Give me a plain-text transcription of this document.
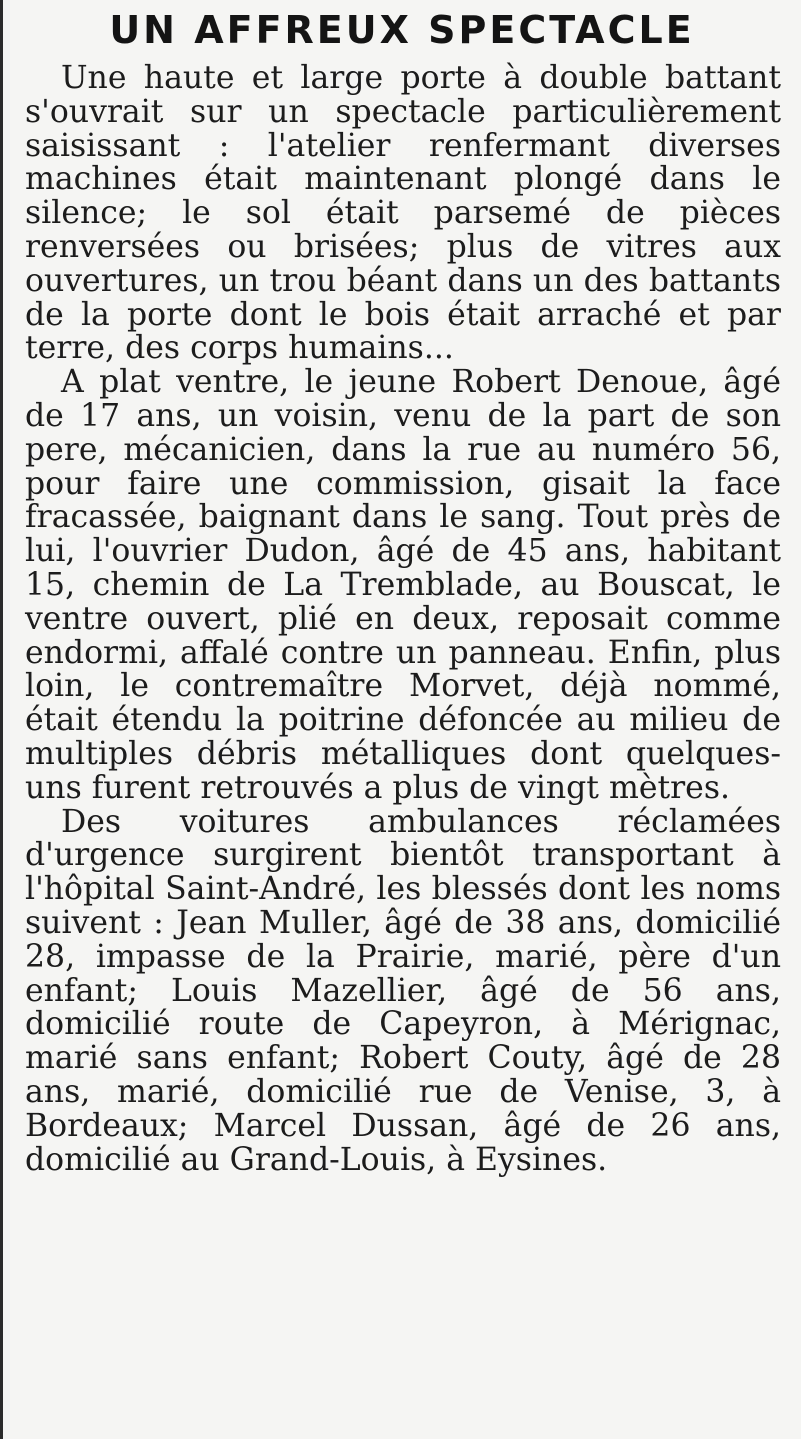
UN AFFREUX SPECTACLE

Une haute et large porte à double battant s'ouvrait sur un spectacle particulièrement saisissant : l'atelier renfermant diverses machines était maintenant plongé dans le silence; le sol était parsemé de pièces renversées ou brisées; plus de vitres aux ouvertures, un trou béant dans un des battants de la porte dont le bois était arraché et par terre, des corps humains...

A plat ventre, le jeune Robert Denoue, âgé de 17 ans, un voisin, venu de la part de son pere, mécanicien, dans la rue au numéro 56, pour faire une commission, gisait la face fracassée, baignant dans le sang. Tout près de lui, l'ouvrier Dudon, âgé de 45 ans, habitant 15, chemin de La Tremblade, au Bouscat, le ventre ouvert, plié en deux, reposait comme endormi, affalé contre un panneau. Enfin, plus loin, le contremaître Morvet, déjà nommé, était étendu la poitrine défoncée au milieu de multiples débris métalliques dont quelques-uns furent retrouvés a plus de vingt mètres.

Des voitures ambulances réclamées d'urgence surgirent bientôt transportant à l'hôpital Saint-André, les blessés dont les noms suivent : Jean Muller, âgé de 38 ans, domicilié 28, impasse de la Prairie, marié, père d'un enfant; Louis Mazellier, âgé de 56 ans, domicilié route de Capeyron, à Mérignac, marié sans enfant; Robert Couty, âgé de 28 ans, marié, domicilié rue de Venise, 3, à Bordeaux; Marcel Dussan, âgé de 26 ans, domicilié au Grand-Louis, à Eysines.
